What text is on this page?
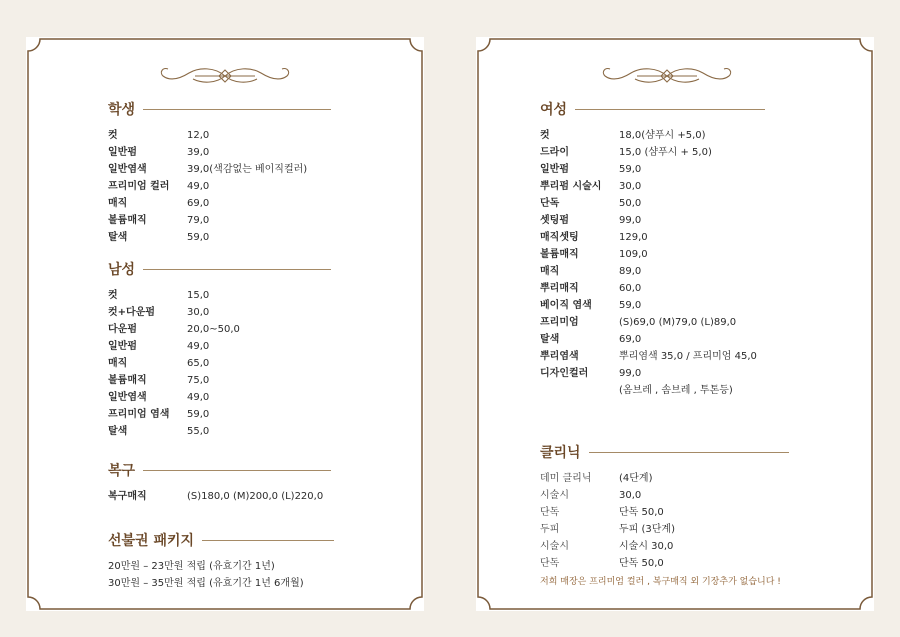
학생
컷	12,0
일반펌	39,0
일반염색	39,0(색감없는 베이직컬러)
프리미엄 컬러	49,0
매직	69,0
볼륨매직	79,0
탈색	59,0
남성
컷	15,0
컷+다운펌	30,0
다운펌	20,0~50,0
일반펌	49,0
매직	65,0
볼륨매직	75,0
일반염색	49,0
프리미엄 염색	59,0
탈색	55,0
복구
복구매직	(S)180,0 (M)200,0 (L)220,0
선불권 패키지
20만원 – 23만원 적립 (유효기간 1년)
30만원 – 35만원 적립 (유효기간 1년 6개월)
여성
컷	18,0(샴푸시 +5,0)
드라이	15,0 (샴푸시 + 5,0)
일반펌	59,0
뿌리펌 시술시	30,0
단독	50,0
셋팅펌	99,0
매직셋팅	129,0
볼륨매직	109,0
매직	89,0
뿌리매직	60,0
베이직 염색	59,0
프리미엄	(S)69,0 (M)79,0 (L)89,0
탈색	69,0
뿌리염색	뿌리염색 35,0 / 프리미엄 45,0
디자인컬러	99,0
(옴브레 , 솜브레 , 투톤등)
클리닉
데미 클리닉	(4단계)
시술시	30,0
단독	단독 50,0
두피	두피 (3단계)
시술시	시술시 30,0
단독	단독 50,0
저희 매장은 프리미엄 컬러 , 복구매직 외 기장추가 없습니다 !
